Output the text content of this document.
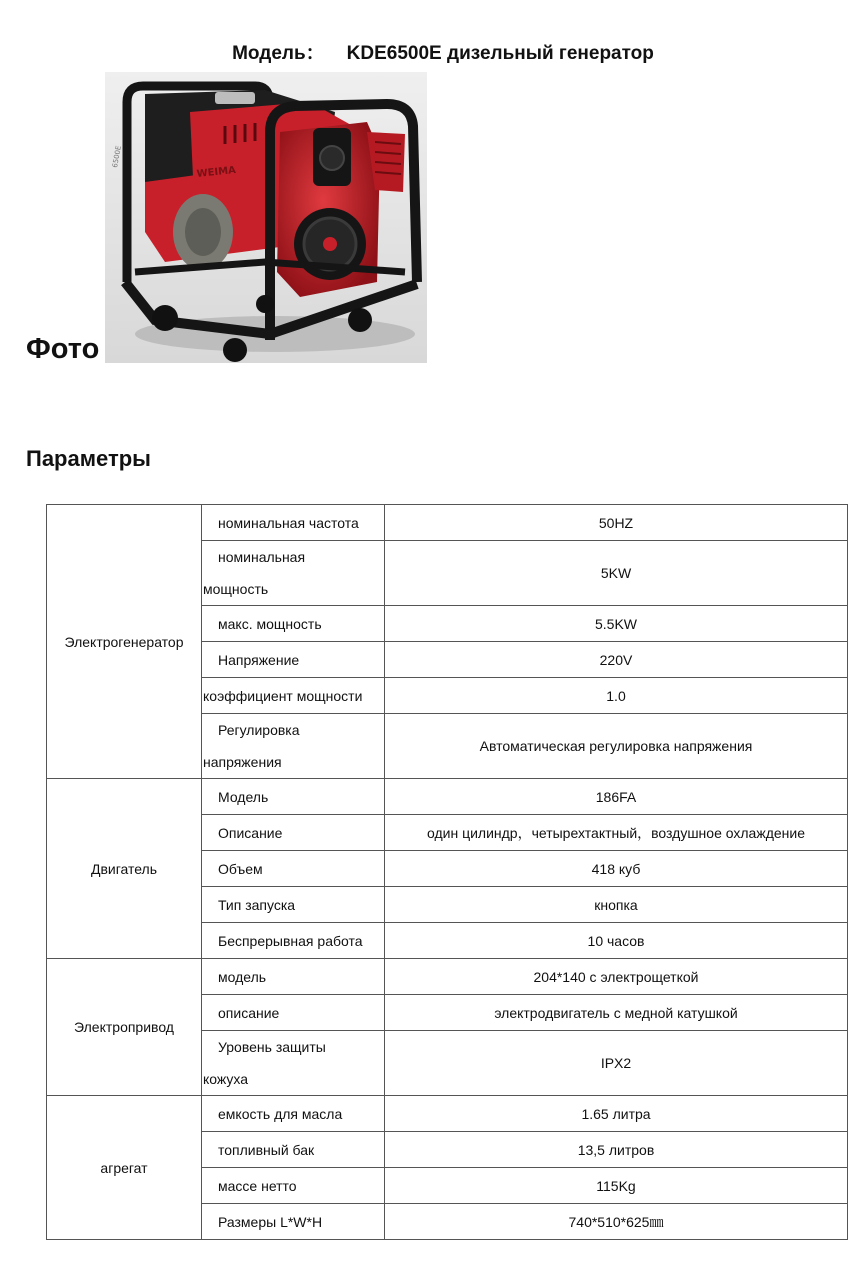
Модель： KDE6500E дизельный генератор
WEIMA
6500E
Фото
Параметры
Электрогенератор	номинальная частота	50HZ

	номинальная
мощность	5KW
	макс. мощность	5.5KW
	Напряжение	220V
	коэффициент мощности	1.0

	Регулировка
напряжения	Автоматическая регулировка напряжения
Двигатель	Модель	186FA
	Описание	один цилиндр，четырехтактный，воздушное охлаждение
	Объем	418 куб
	Тип запуска	кнопка
	Беспрерывная работа	10 часов
Электропривод	модель	204*140 с электрощеткой
	описание	электродвигатель с медной катушкой

	Уровень защиты
кожуха	IPX2
агрегат	емкость для масла	1.65 литра
	топливный бак	13,5 литров
	массе нетто	115Kg
	Размеры L*W*H	740*510*625㎜
